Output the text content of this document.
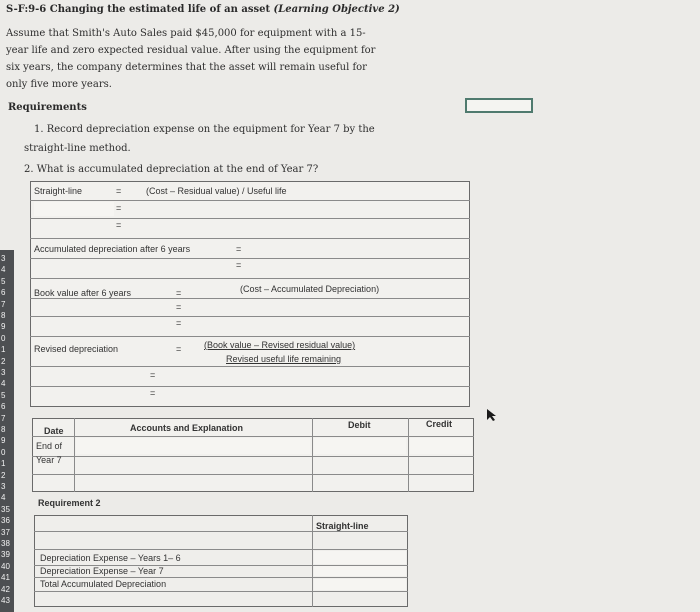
3
4
5
6
7
8
9
0
1
2
3
4
5
6
7
8
9
0
1
2
3
4
35
36
37
38
39
40
41
42
43
S-F:9-6 Changing the estimated life of an asset (Learning Objective 2)
Assume that Smith's Auto Sales paid $45,000 for equipment with a 15-
year life and zero expected residual value. After using the equipment for
six years, the company determines that the asset will remain useful for
only five more years.
Requirements
1. Record depreciation expense on the equipment for Year 7 by the
straight-line method.
2. What is accumulated depreciation at the end of Year 7?
Straight-line	=	(Cost – Residual value) / Useful life
=
=
Accumulated depreciation after 6 years	=
=
Book value after 6 years	=	(Cost – Accumulated Depreciation)
=
=
Revised depreciation	=	(Book value – Revised residual value)
Revised useful life remaining
=
=
Date	Accounts and Explanation	Debit	Credit
End of
Year 7
Requirement 2
Straight-line
Depreciation Expense – Years 1– 6
Depreciation Expense – Year 7
Total Accumulated Depreciation
